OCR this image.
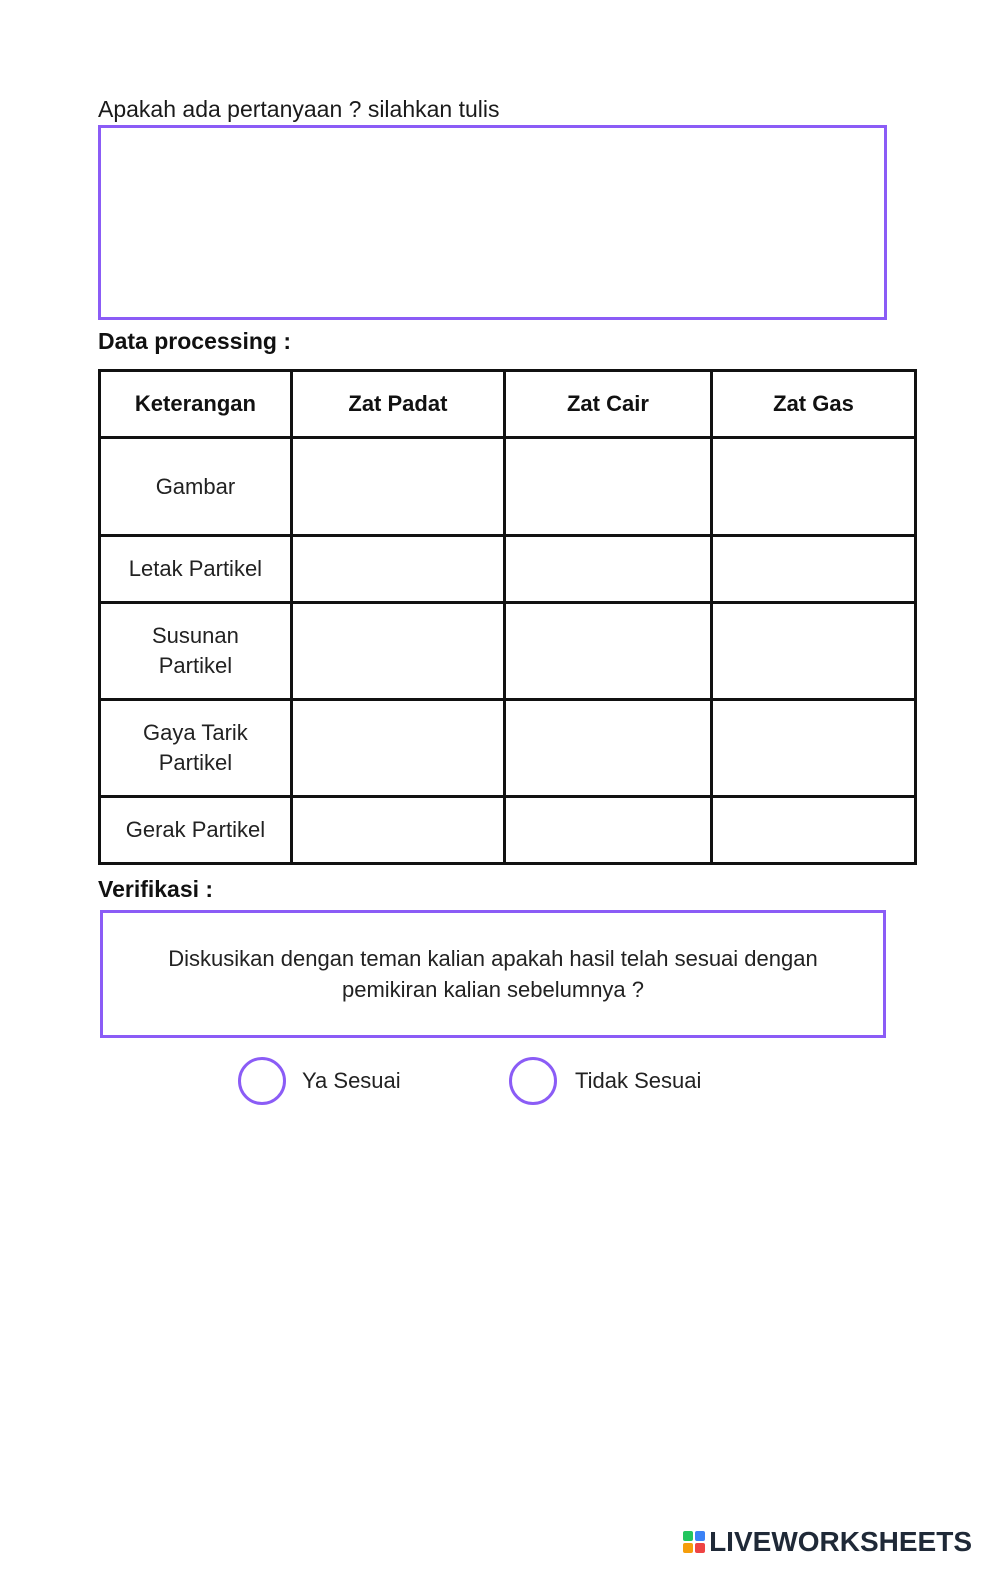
Apakah ada pertanyaan ? silahkan tulis
Data processing :
Keterangan	Zat Padat	Zat Cair	Zat Gas
Gambar			
Letak Partikel			
Susunan Partikel			
Gaya Tarik Partikel			
Gerak Partikel			
Verifikasi :
Diskusikan dengan teman kalian apakah hasil telah sesuai dengan pemikiran kalian sebelumnya ?
Ya Sesuai	Tidak Sesuai
LIVEWORKSHEETS
